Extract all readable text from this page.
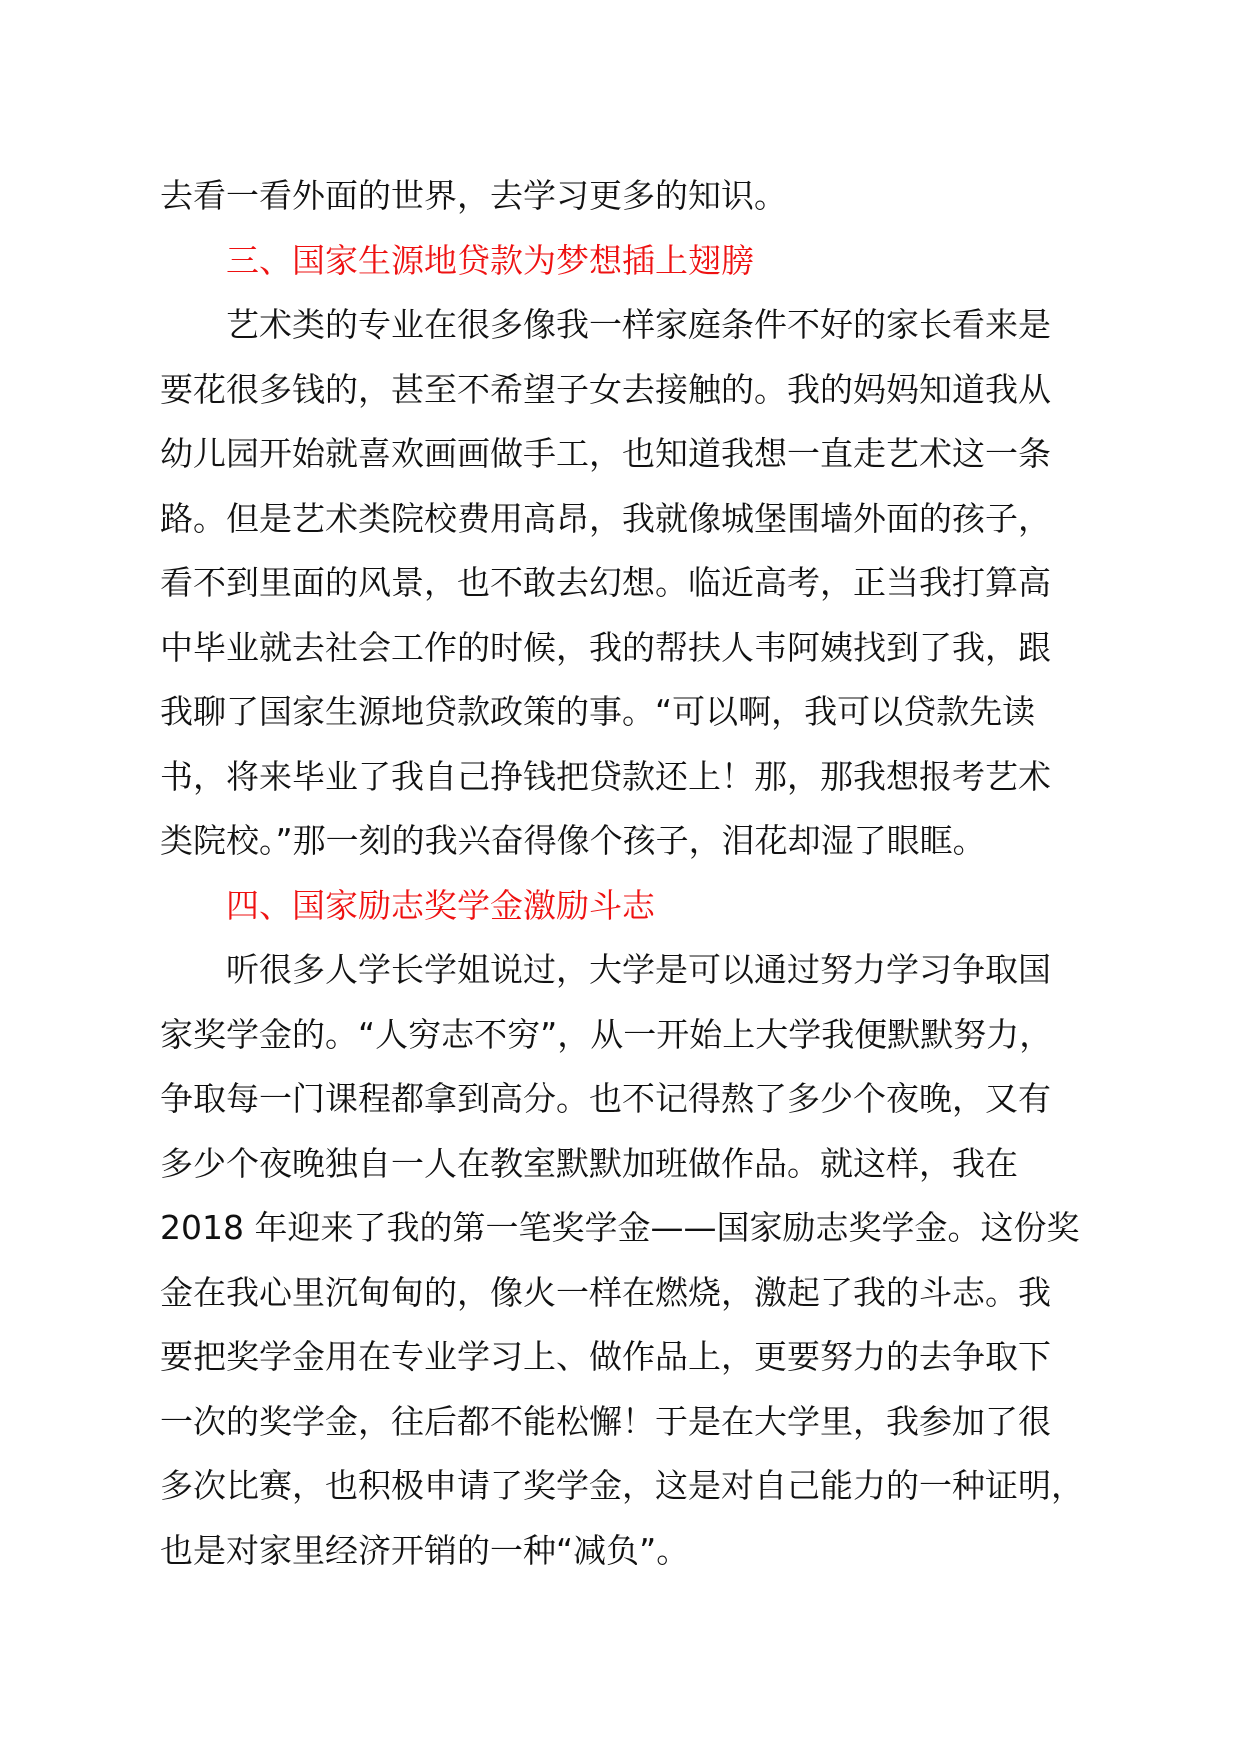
去看一看外面的世界，去学习更多的知识。
三、国家生源地贷款为梦想插上翅膀
艺术类的专业在很多像我一样家庭条件不好的家长看来是
要花很多钱的，甚至不希望子女去接触的。我的妈妈知道我从
幼儿园开始就喜欢画画做手工，也知道我想一直走艺术这一条
路。但是艺术类院校费用高昂，我就像城堡围墙外面的孩子，
看不到里面的风景，也不敢去幻想。临近高考，正当我打算高
中毕业就去社会工作的时候，我的帮扶人韦阿姨找到了我，跟
我聊了国家生源地贷款政策的事。“可以啊，我可以贷款先读
书，将来毕业了我自己挣钱把贷款还上！那，那我想报考艺术
类院校。”那一刻的我兴奋得像个孩子，泪花却湿了眼眶。
四、国家励志奖学金激励斗志
听很多人学长学姐说过，大学是可以通过努力学习争取国
家奖学金的。“人穷志不穷”，从一开始上大学我便默默努力，
争取每一门课程都拿到高分。也不记得熬了多少个夜晚，又有
多少个夜晚独自一人在教室默默加班做作品。就这样，我在
2018 年迎来了我的第一笔奖学金——国家励志奖学金。这份奖
金在我心里沉甸甸的，像火一样在燃烧，激起了我的斗志。我
要把奖学金用在专业学习上、做作品上，更要努力的去争取下
一次的奖学金，往后都不能松懈！于是在大学里，我参加了很
多次比赛，也积极申请了奖学金，这是对自己能力的一种证明，
也是对家里经济开销的一种“减负”。
